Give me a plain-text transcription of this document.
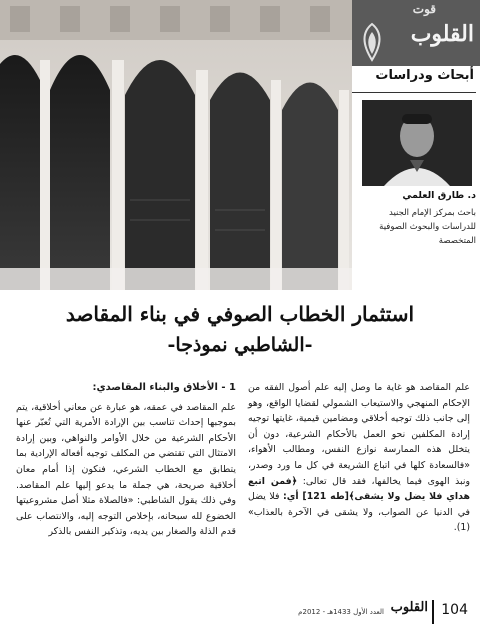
قوت
القلوب
أبحاث ودراسات
د. طارق العلمي
باحث بمركز الإمام الجنيد للدراسات والبحوث الصوفية المتخصصة
استثمار الخطاب الصوفي في بناء المقاصد
-الشاطبي نموذجا-

علم المقاصد هو غاية ما وصل إليه علم أصول الفقه من الإحكام المنهجي والاستيعاب الشمولي لقضايا الواقع، وهو إلى جانب ذلك توجيه أخلاقي ومضامين قيمية، غايتها توجيه إرادة المكلفين نحو العمل بالأحكام الشرعية، دون أن يتخلل هذه الممارسة نوازع النفس، ومطالب الأهواء، «فالسعادة كلها في اتباع الشريعة في كل ما ورد وصدر، ونبذ الهوى فيما يخالفها، فقد قال تعالى: ﴿فمن اتبع هداي فلا يضل ولا يشقى﴾[طه 121] أي: فلا يضل في الدنيا عن الصواب، ولا يشقى في الآخرة بالعذاب» (1).

1 - الأخلاق والبناء المقاصدي:

علم المقاصد في عمقه، هو عبارة عن معاني أخلاقية، يتم بموجبها إحداث تناسب بين الإرادة الأمرية التي تُعبّر عنها الأحكام الشرعية من خلال الأوامر والنواهي، وبين إرادة الامتثال التي تقتضي من المكلف توجيه أفعاله الإرادية بما يتطابق مع الخطاب الشرعي، فنكون إذا أمام معان أخلاقية صريحة، هي جملة ما يدعو إليها علم المقاصد. وفي ذلك يقول الشاطبي: «فالصلاة مثلا أصل مشروعيتها الخضوع لله سبحانه، بإخلاص التوجه إليه، والانتصاب على قدم الذلة والصغار بين يديه، وتذكير النفس بالذكر

104
القلوب
العدد الأول 1433هـ - 2012م
